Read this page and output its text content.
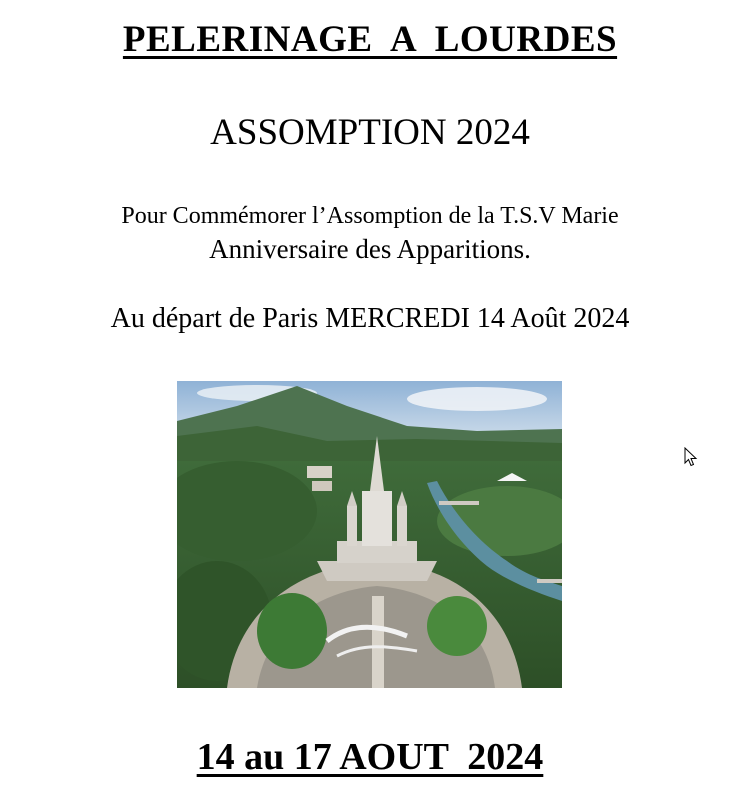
PELERINAGE  A  LOURDES
ASSOMPTION 2024
Pour Commémorer l’Assomption de la T.S.V Marie
Anniversaire des Apparitions.
Au départ de Paris MERCREDI 14 Août 2024
14 au 17 AOUT  2024
